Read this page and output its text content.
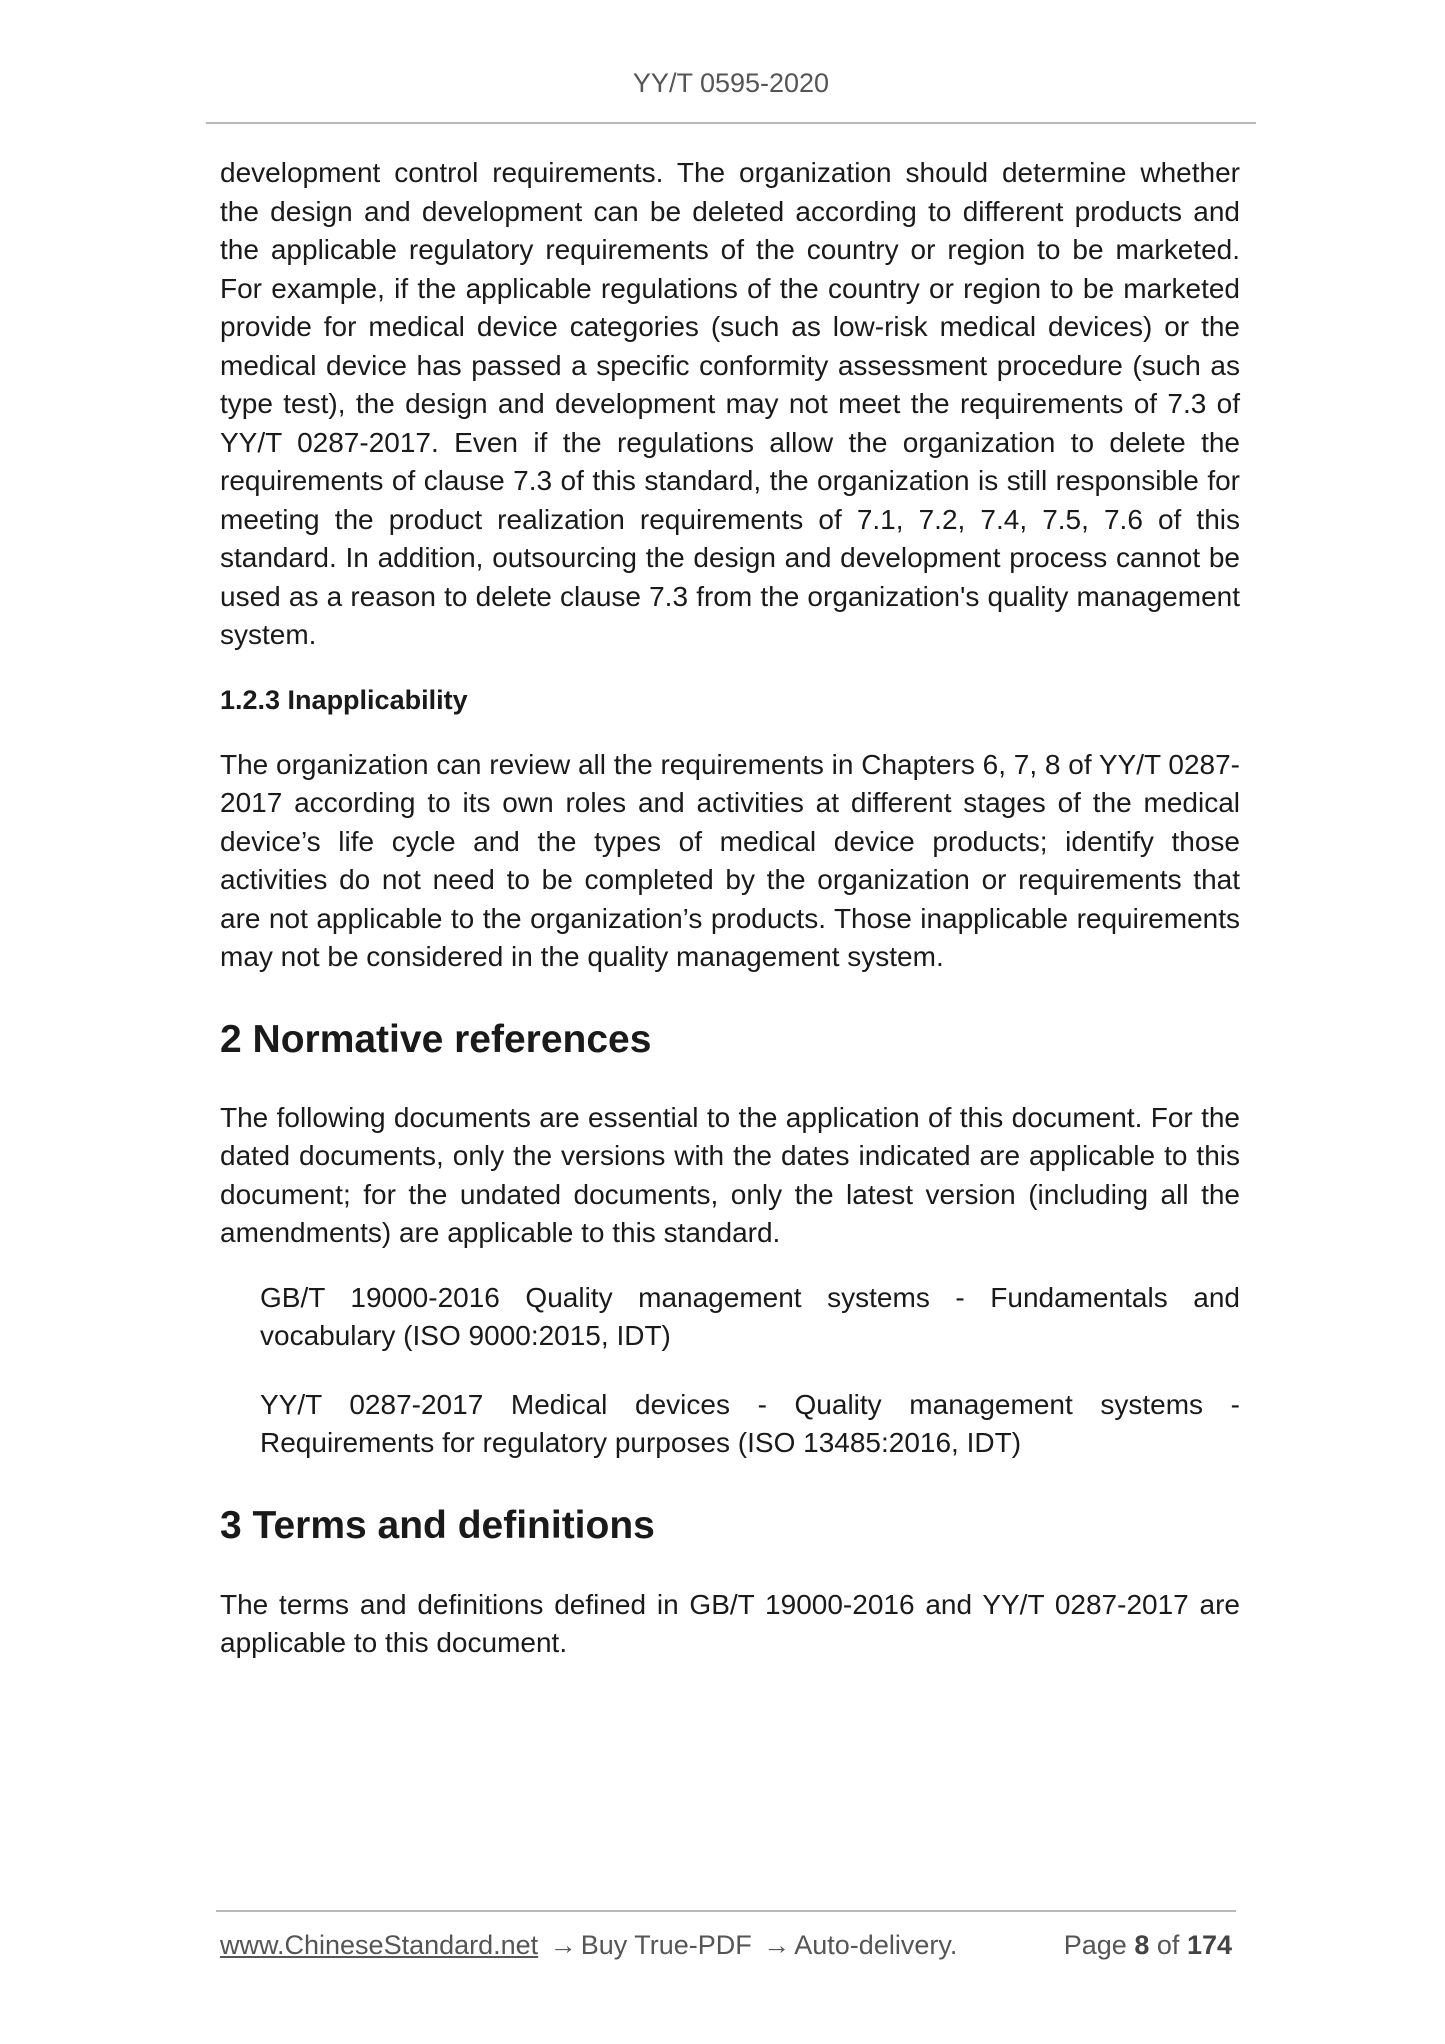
YY/T 0595-2020

development control requirements. The organization should determine whether the design and development can be deleted according to different products and the applicable regulatory requirements of the country or region to be marketed. For example, if the applicable regulations of the country or region to be marketed provide for medical device categories (such as low-risk medical devices) or the medical device has passed a specific conformity assessment procedure (such as type test), the design and development may not meet the requirements of 7.3 of YY/T 0287-2017. Even if the regulations allow the organization to delete the requirements of clause 7.3 of this standard, the organization is still responsible for meeting the product realization requirements of 7.1, 7.2, 7.4, 7.5, 7.6 of this standard. In addition, outsourcing the design and development process cannot be used as a reason to delete clause 7.3 from the organization's quality management system.

1.2.3 Inapplicability

The organization can review all the requirements in Chapters 6, 7, 8 of YY/T 0287-2017 according to its own roles and activities at different stages of the medical device’s life cycle and the types of medical device products; identify those activities do not need to be completed by the organization or requirements that are not applicable to the organization’s products. Those inapplicable requirements may not be considered in the quality management system.

2 Normative references

The following documents are essential to the application of this document. For the dated documents, only the versions with the dates indicated are applicable to this document; for the undated documents, only the latest version (including all the amendments) are applicable to this standard.

GB/T 19000-2016 Quality management systems - Fundamentals and vocabulary (ISO 9000:2015, IDT)

YY/T 0287-2017 Medical devices - Quality management systems - Requirements for regulatory purposes (ISO 13485:2016, IDT)

3 Terms and definitions

The terms and definitions defined in GB/T 19000-2016 and YY/T 0287-2017 are applicable to this document.

www.ChineseStandard.net → Buy True-PDF → Auto-delivery.	Page 8 of 174
